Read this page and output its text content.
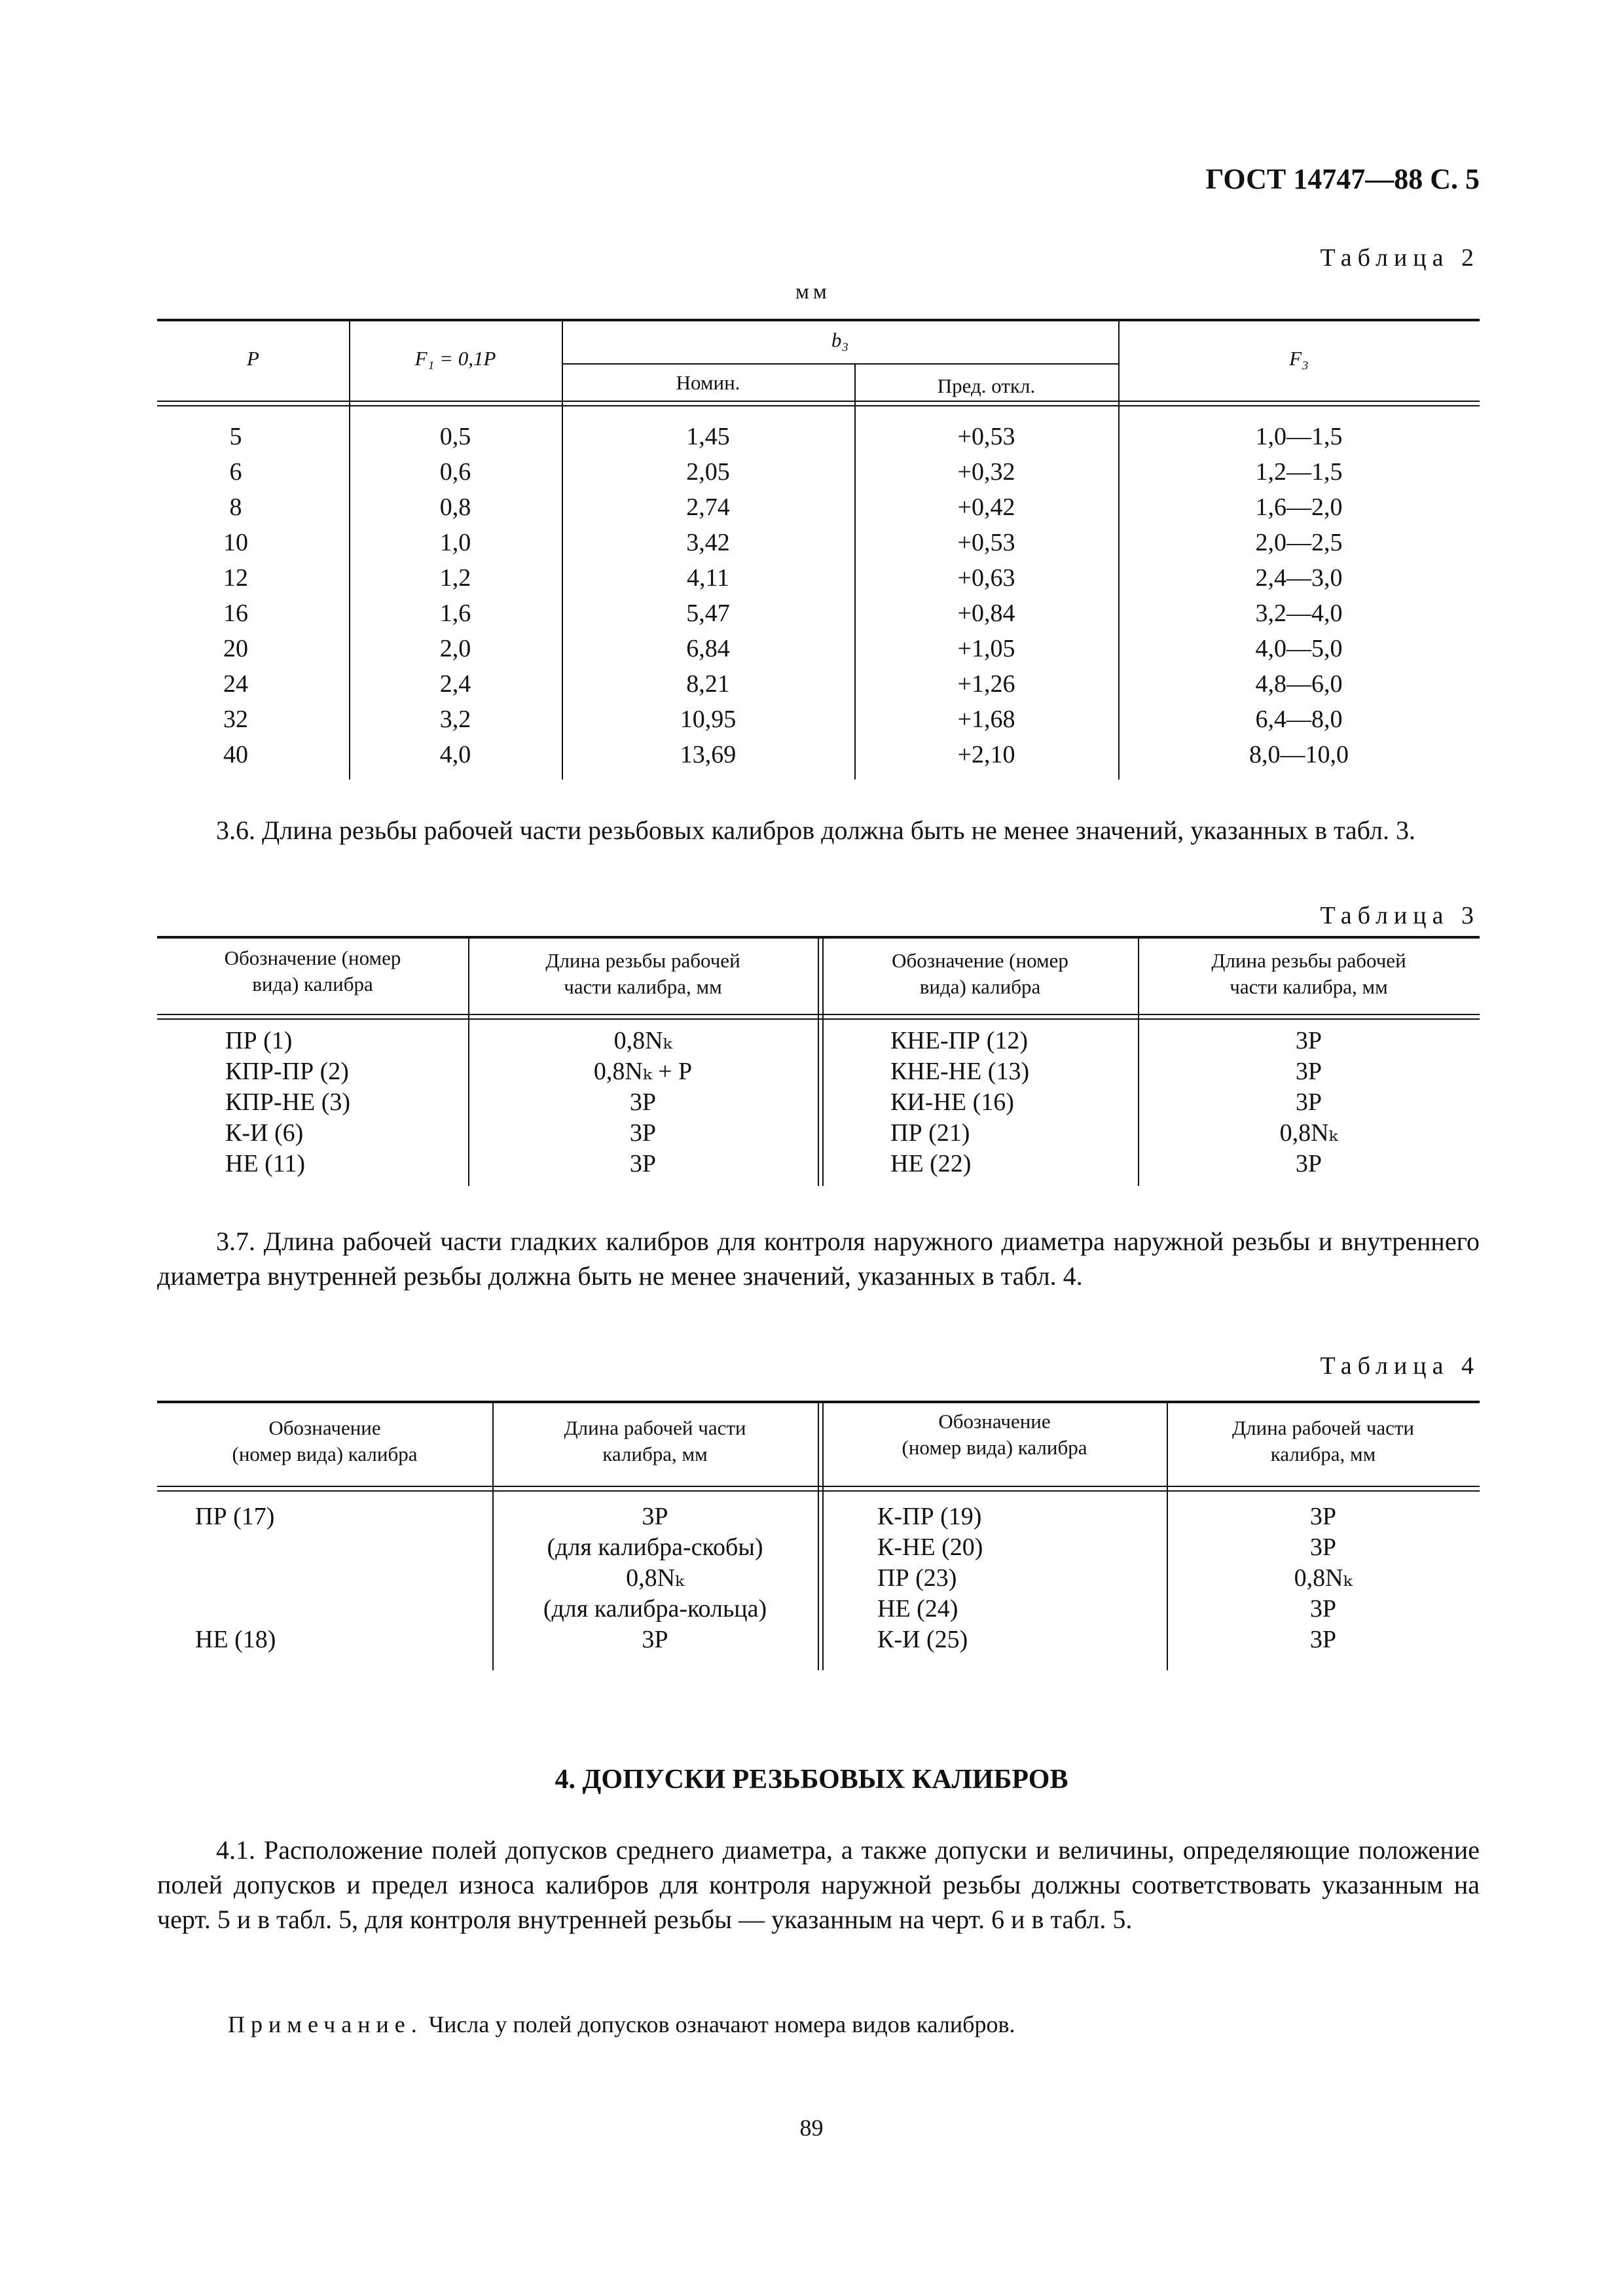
ГОСТ 14747—88 С. 5
Таблица 2
мм
P	F₁ = 0,1P
b₃
Номин.	Пред. откл.
F₃
5
6
8
10
12
16
20
24
32
40
0,5
0,6
0,8
1,0
1,2
1,6
2,0
2,4
3,2
4,0
1,45
2,05
2,74
3,42
4,11
5,47
6,84
8,21
10,95
13,69
+0,53
+0,32
+0,42
+0,53
+0,63
+0,84
+1,05
+1,26
+1,68
+2,10
1,0—1,5
1,2—1,5
1,6—2,0
2,0—2,5
2,4—3,0
3,2—4,0
4,0—5,0
4,8—6,0
6,4—8,0
8,0—10,0
3.6. Длина резьбы рабочей части резьбовых калибров должна быть не менее значений, указанных в табл. 3.
Таблица 3
Обозначение (номер
вида) калибра
Длина резьбы рабочей
части калибра, мм
Обозначение (номер
вида) калибра
Длина резьбы рабочей
части калибра, мм
ПР (1)
КПР-ПР (2)
КПР-НЕ (3)
К-И (6)
НЕ (11)
0,8Nₖ
0,8Nₖ + P
3P
3P
3P
КНЕ-ПР (12)
КНЕ-НЕ (13)
КИ-НЕ (16)
ПР (21)
НЕ (22)
3P
3P
3P
0,8Nₖ
3P
3.7. Длина рабочей части гладких калибров для контроля наружного диаметра наружной резьбы и внутреннего диаметра внутренней резьбы должна быть не менее значений, указанных в табл. 4.
Таблица 4
Обозначение
(номер вида) калибра
Длина рабочей части
калибра, мм
Обозначение
(номер вида) калибра
Длина рабочей части
калибра, мм
ПР (17)
НЕ (18)
3P
(для калибра-скобы)
0,8Nₖ
(для калибра-кольца)
3P
К-ПР (19)
К-НЕ (20)
ПР (23)
НЕ (24)
К-И (25)
3P
3P
0,8Nₖ
3P
3P
4. ДОПУСКИ РЕЗЬБОВЫХ КАЛИБРОВ
4.1. Расположение полей допусков среднего диаметра, а также допуски и величины, определяющие положение полей допусков и предел износа калибров для контроля наружной резьбы должны соответствовать указанным на черт. 5 и в табл. 5, для контроля внутренней резьбы — указанным на черт. 6 и в табл. 5.
Примечание. Числа у полей допусков означают номера видов калибров.
89
